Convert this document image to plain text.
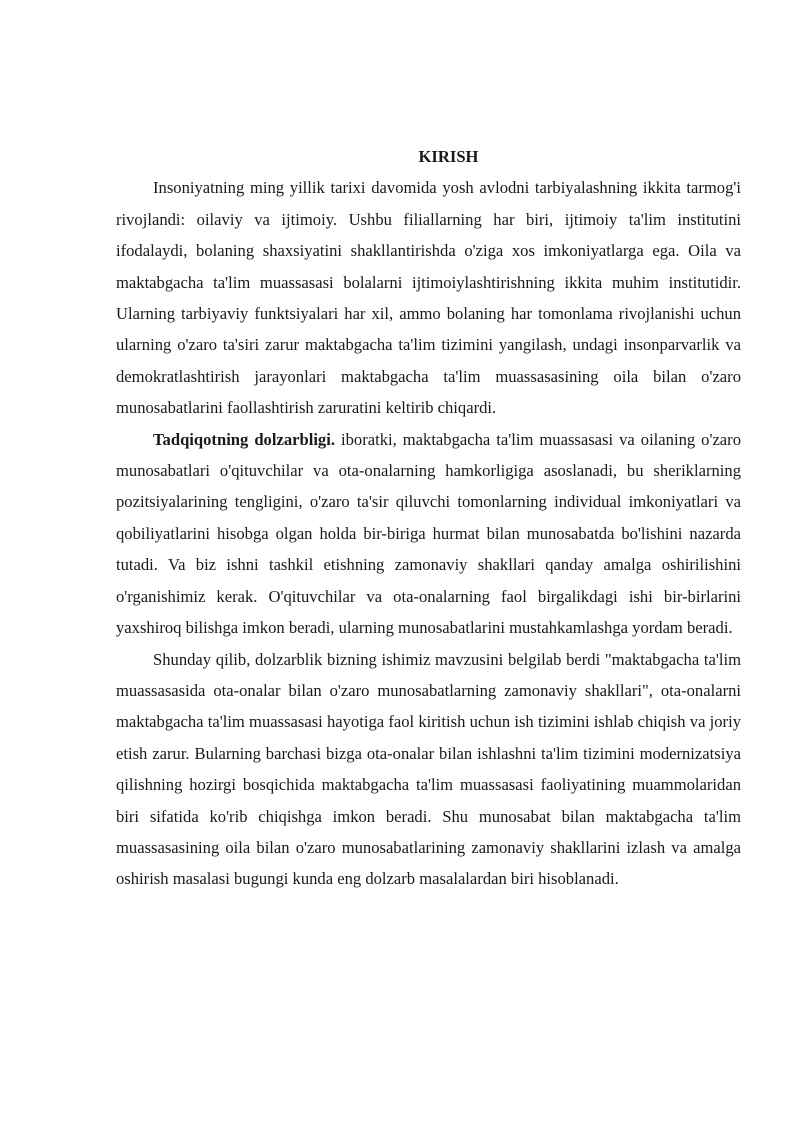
KIRISH

Insoniyatning ming yillik tarixi davomida yosh avlodni tarbiyalashning ikkita tarmog'i rivojlandi: oilaviy va ijtimoiy. Ushbu filiallarning har biri, ijtimoiy ta'lim institutini ifodalaydi, bolaning shaxsiyatini shakllantirishda o'ziga xos imkoniyatlarga ega. Oila va maktabgacha ta'lim muassasasi bolalarni ijtimoiylashtirishning ikkita muhim institutidir. Ularning tarbiyaviy funktsiyalari har xil, ammo bolaning har tomonlama rivojlanishi uchun ularning o'zaro ta'siri zarur maktabgacha ta'lim tizimini yangilash, undagi insonparvarlik va demokratlashtirish jarayonlari maktabgacha ta'lim muassasasining oila bilan o'zaro munosabatlarini faollashtirish zaruratini keltirib chiqardi.

Tadqiqotning dolzarbligi. iboratki, maktabgacha ta'lim muassasasi va oilaning o'zaro munosabatlari o'qituvchilar va ota-onalarning hamkorligiga asoslanadi, bu sheriklarning pozitsiyalarining tengligini, o'zaro ta'sir qiluvchi tomonlarning individual imkoniyatlari va qobiliyatlarini hisobga olgan holda bir-biriga hurmat bilan munosabatda bo'lishini nazarda tutadi. Va biz ishni tashkil etishning zamonaviy shakllari qanday amalga oshirilishini o'rganishimiz kerak. O'qituvchilar va ota-onalarning faol birgalikdagi ishi bir-birlarini yaxshiroq bilishga imkon beradi, ularning munosabatlarini mustahkamlashga yordam beradi.

Shunday qilib, dolzarblik bizning ishimiz mavzusini belgilab berdi "maktabgacha ta'lim muassasasida ota-onalar bilan o'zaro munosabatlarning zamonaviy shakllari", ota-onalarni maktabgacha ta'lim muassasasi hayotiga faol kiritish uchun ish tizimini ishlab chiqish va joriy etish zarur. Bularning barchasi bizga ota-onalar bilan ishlashni ta'lim tizimini modernizatsiya qilishning hozirgi bosqichida maktabgacha ta'lim muassasasi faoliyatining muammolaridan biri sifatida ko'rib chiqishga imkon beradi. Shu munosabat bilan maktabgacha ta'lim muassasasining oila bilan o'zaro munosabatlarining zamonaviy shakllarini izlash va amalga oshirish masalasi bugungi kunda eng dolzarb masalalardan biri hisoblanadi.
